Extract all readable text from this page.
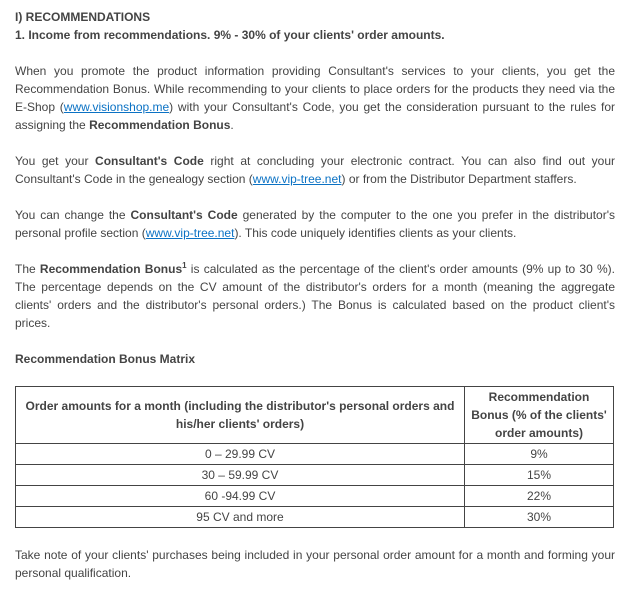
I) RECOMMENDATIONS
1. Income from recommendations. 9% - 30% of your clients' order amounts.

When you promote the product information providing Consultant's services to your clients, you get the Recommendation Bonus. While recommending to your clients to place orders for the products they need via the E-Shop (www.visionshop.me) with your Consultant's Code, you get the consideration pursuant to the rules for assigning the Recommendation Bonus.

You get your Consultant's Code right at concluding your electronic contract. You can also find out your Consultant's Code in the genealogy section (www.vip-tree.net) or from the Distributor Department staffers.

You can change the Consultant's Code generated by the computer to the one you prefer in the distributor's personal profile section (www.vip-tree.net). This code uniquely identifies clients as your clients.

The Recommendation Bonus$^1$ is calculated as the percentage of the client's order amounts (9% up to 30 %). The percentage depends on the CV amount of the distributor's orders for a month (meaning the aggregate clients' orders and the distributor's personal orders.) The Bonus is calculated based on the product client's prices.

Recommendation Bonus Matrix
Order amounts for a month (including the distributor's personal orders and his/her clients' orders)	Recommendation Bonus (% of the clients' order amounts)
0 – 29.99 CV	9%
30 – 59.99 CV	15%
60 -94.99 CV	22%
95 CV and more	30%

Take note of your clients' purchases being included in your personal order amount for a month and forming your personal qualification.
